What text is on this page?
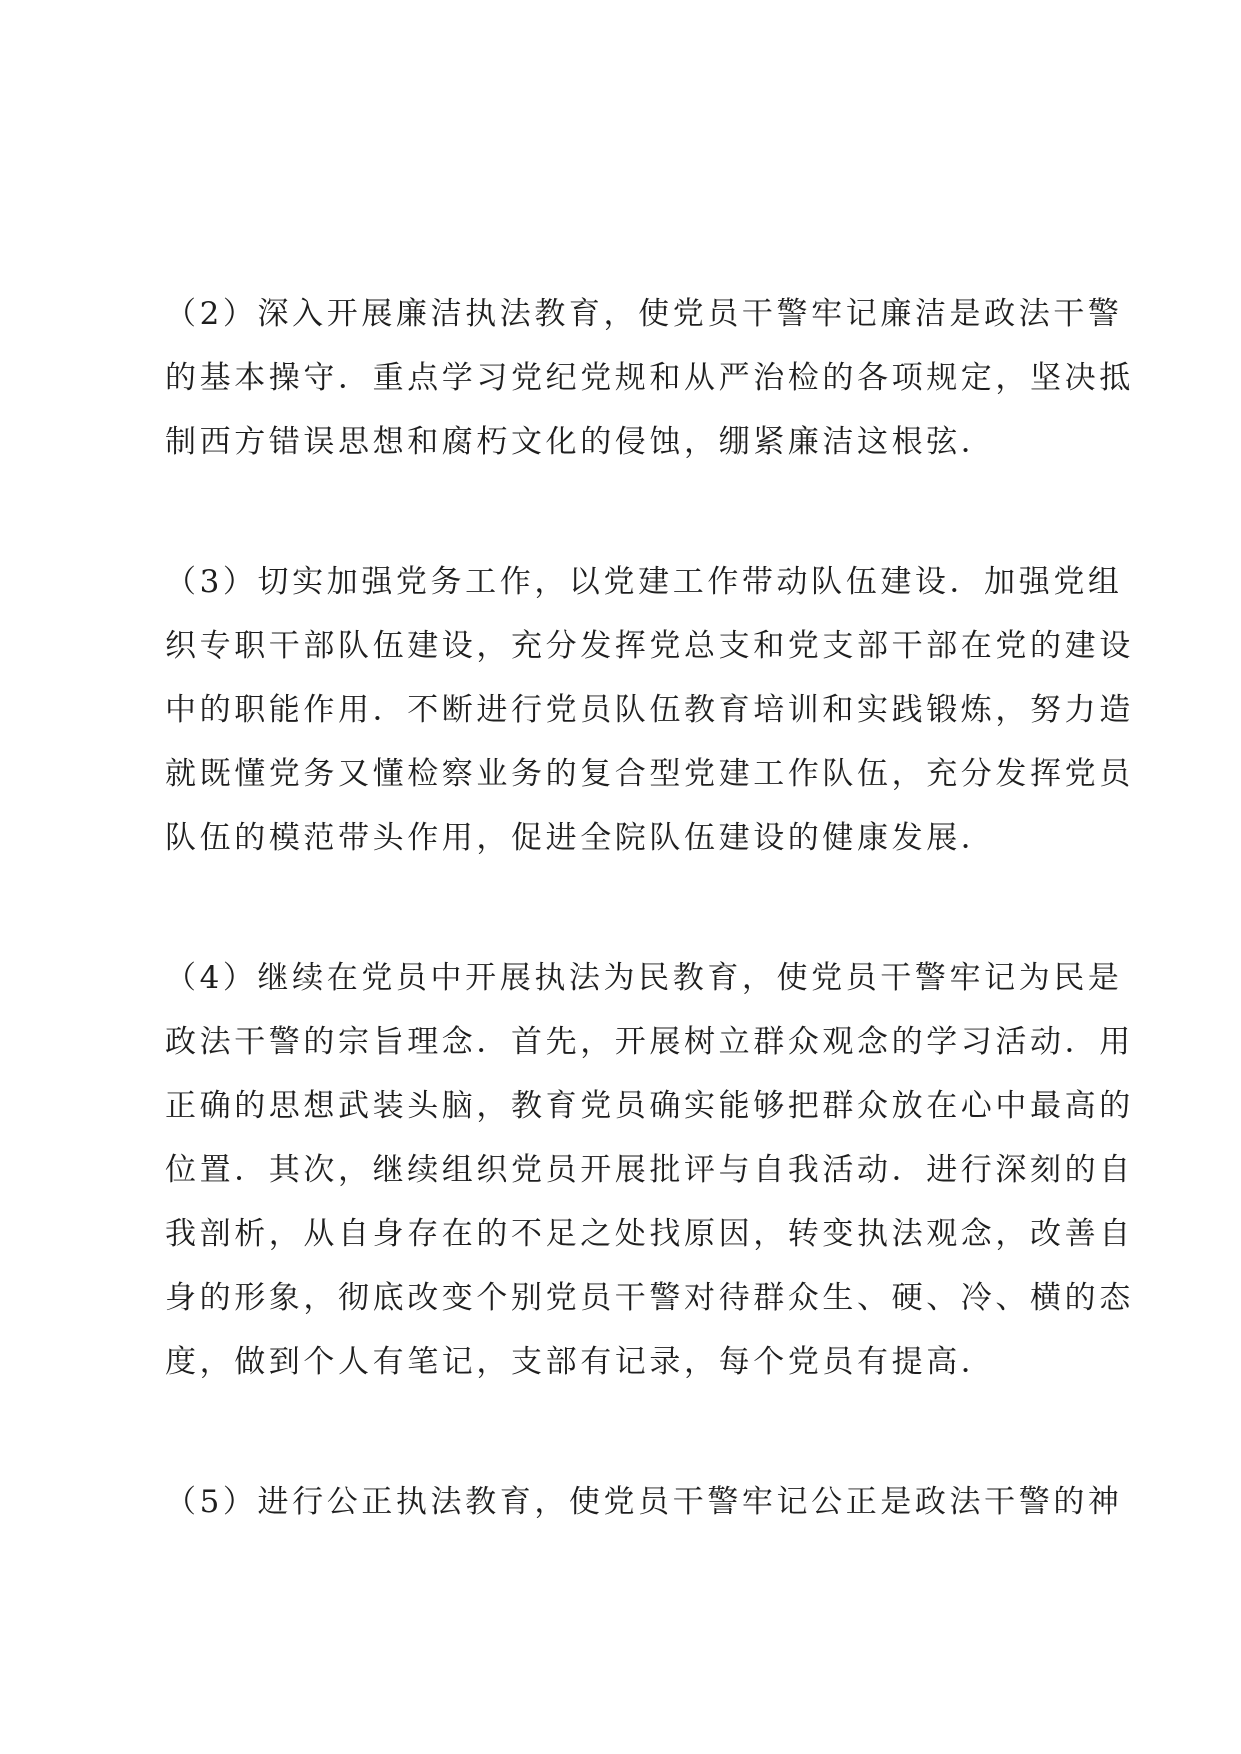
（2）深入开展廉洁执法教育，使党员干警牢记廉洁是政法干警
的基本操守．重点学习党纪党规和从严治检的各项规定，坚决抵
制西方错误思想和腐朽文化的侵蚀，绷紧廉洁这根弦．

（3）切实加强党务工作，以党建工作带动队伍建设．加强党组
织专职干部队伍建设，充分发挥党总支和党支部干部在党的建设
中的职能作用．不断进行党员队伍教育培训和实践锻炼，努力造
就既懂党务又懂检察业务的复合型党建工作队伍，充分发挥党员
队伍的模范带头作用，促进全院队伍建设的健康发展．

（4）继续在党员中开展执法为民教育，使党员干警牢记为民是
政法干警的宗旨理念．首先，开展树立群众观念的学习活动．用
正确的思想武装头脑，教育党员确实能够把群众放在心中最高的
位置．其次，继续组织党员开展批评与自我活动．进行深刻的自
我剖析，从自身存在的不足之处找原因，转变执法观念，改善自
身的形象，彻底改变个别党员干警对待群众生、硬、冷、横的态
度，做到个人有笔记，支部有记录，每个党员有提高．

（5）进行公正执法教育，使党员干警牢记公正是政法干警的神
